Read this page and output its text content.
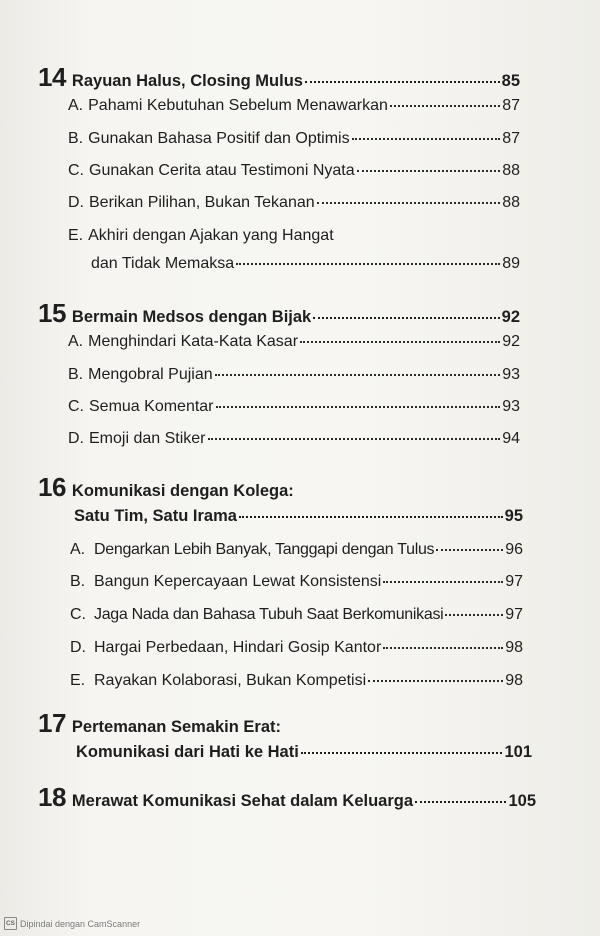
14 Rayuan Halus, Closing Mulus	85
A. Pahami Kebutuhan Sebelum Menawarkan	87
B. Gunakan Bahasa Positif dan Optimis	87
C. Gunakan Cerita atau Testimoni Nyata	88
D. Berikan Pilihan, Bukan Tekanan	88
E. Akhiri dengan Ajakan yang Hangat
dan Tidak Memaksa	89
15 Bermain Medsos dengan Bijak	92
A. Menghindari Kata-Kata Kasar	92
B. Mengobral Pujian	93
C. Semua Komentar	93
D. Emoji dan Stiker	94
16 Komunikasi dengan Kolega:
Satu Tim, Satu Irama	95
A. Dengarkan Lebih Banyak, Tanggapi dengan Tulus	96
B. Bangun Kepercayaan Lewat Konsistensi	97
C. Jaga Nada dan Bahasa Tubuh Saat Berkomunikasi	97
D. Hargai Perbedaan, Hindari Gosip Kantor	98
E. Rayakan Kolaborasi, Bukan Kompetisi	98
17 Pertemanan Semakin Erat:
Komunikasi dari Hati ke Hati	101
18 Merawat Komunikasi Sehat dalam Keluarga	105
CS Dipindai dengan CamScanner
